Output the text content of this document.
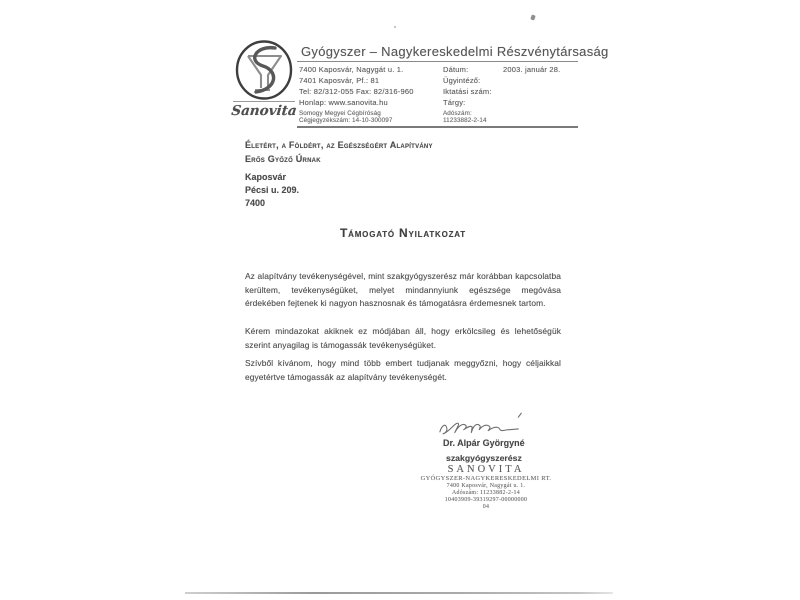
Sanovita
Gyógyszer – Nagykereskedelmi Részvénytársaság
7400 Kaposvár, Nagygát u. 1.
7401 Kaposvár, Pf.: 81
Tel: 82/312-055 Fax: 82/316-960
Honlap: www.sanovita.hu
Somogy Megyei Cégbíróság
Cégjegyzékszám: 14-10-300097
Dátum:	2003. január 28.
Ügyintéző:
Iktatási szám:
Tárgy:
Adószám:
11233882-2-14
Életért, a Földért, az Egészségért Alapítvány
Erős Győző Úrnak
Kaposvár
Pécsi u. 209.
7400
Támogató Nyilatkozat
Az alapítvány tevékenységével, mint szakgyógyszerész már korábban kapcsolatba kerültem, tevékenységüket, melyet mindannyiunk egészsége megóvása érdekében fejtenek ki nagyon hasznosnak és támogatásra érdemesnek tartom.
Kérem mindazokat akiknek ez módjában áll, hogy erkölcsileg és lehetőségük szerint anyagilag is támogassák tevékenységüket.
Szívből kívánom, hogy mind több embert tudjanak meggyőzni, hogy céljaikkal egyetértve támogassák az alapítvány tevékenységét.
Dr. Alpár Györgyné
szakgyógyszerész
SANOVITA
GYÓGYSZER-NAGYKERESKEDELMI RT.
7400 Kaposvár, Nagygát u. 1.
Adószám: 11233882-2-14
10403909-39319297-00000000
04
